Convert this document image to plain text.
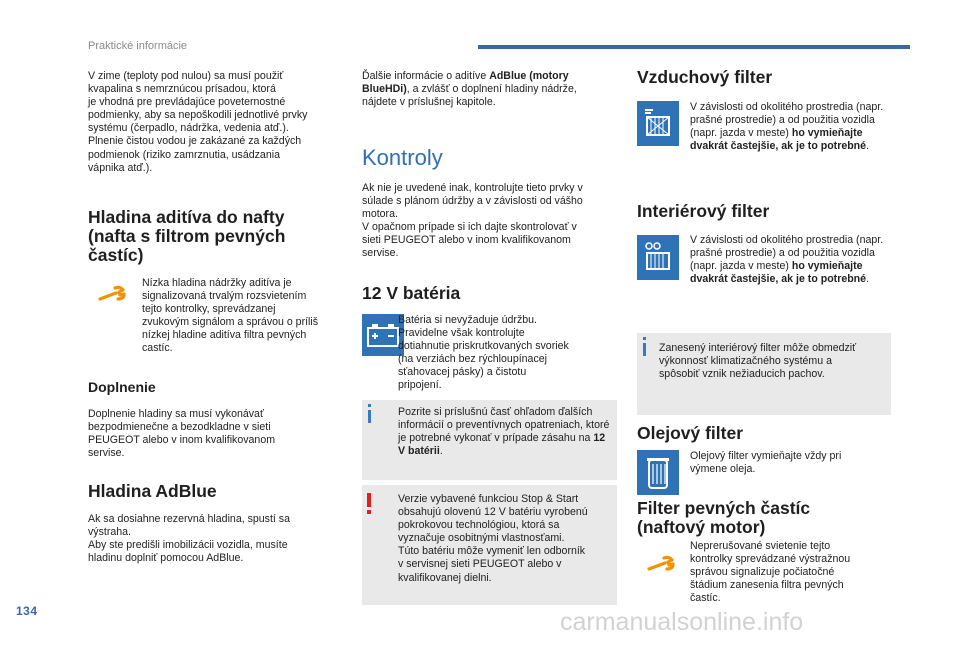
Praktické informácie
V zime (teploty pod nulou) sa musí použiť
kvapalina s nemrznúcou prísadou, ktorá
je vhodná pre prevládajúce poveternostné
podmienky, aby sa nepoškodili jednotlivé prvky
systému (čerpadlo, nádržka, vedenia atď.).
Plnenie čistou vodou je zakázané za každých
podmienok (riziko zamrznutia, usádzania
vápnika atď.).
Hladina aditíva do nafty
(nafta s filtrom pevných
častíc)
Nízka hladina nádržky aditíva je
signalizovaná trvalým rozsvietením
tejto kontrolky, sprevádzanej
zvukovým signálom a správou o príliš
nízkej hladine aditíva filtra pevných
castíc.
Doplnenie
Doplnenie hladiny sa musí vykonávať
bezpodmienečne a bezodkladne v sieti
PEUGEOT alebo v inom kvalifikovanom
servise.
Hladina AdBlue
Ak sa dosiahne rezervná hladina, spustí sa
výstraha.
Aby ste predišli imobilizácii vozidla, musíte
hladinu doplniť pomocou AdBlue.
Ďalšie informácie o aditíve AdBlue (motory BlueHDi), a zvlášť o doplnení hladiny nádrže, nájdete v príslušnej kapitole.
Kontroly
Ak nie je uvedené inak, kontrolujte tieto prvky v
súlade s plánom údržby a v závislosti od vášho
motora.
V opačnom prípade si ich dajte skontrolovať v
sieti PEUGEOT alebo v inom kvalifikovanom
servise.
12 V batéria
Batéria si nevyžaduje údržbu.
Pravidelne však kontrolujte
dotiahnutie priskrutkovaných svoriek
(na verziách bez rýchloupínacej
sťahovacej pásky) a čistotu
pripojení.
Pozrite si príslušnú časť ohľadom ďalších informácií o preventívnych opatreniach, ktoré je potrebné vykonať v prípade zásahu na 12 V batérii.
Verzie vybavené funkciou Stop & Start
obsahujú olovenú 12 V batériu vyrobenú
pokrokovou technológiou, ktorá sa
vyznačuje osobitnými vlastnosťami.
Túto batériu môže vymeniť len odborník
v servisnej sieti PEUGEOT alebo v
kvalifikovanej dielni.
Vzduchový filter
V závislosti od okolitého prostredia (napr. prašné prostredie) a od použitia vozidla (napr. jazda v meste) ho vymieňajte dvakrát častejšie, ak je to potrebné.
Interiérový filter
V závislosti od okolitého prostredia (napr. prašné prostredie) a od použitia vozidla (napr. jazda v meste) ho vymieňajte dvakrát častejšie, ak je to potrebné.
Zanesený interiérový filter môže obmedziť
výkonnosť klimatizačného systému a
spôsobiť vznik nežiaducich pachov.
Olejový filter
Olejový filter vymieňajte vždy pri
výmene oleja.
Filter pevných častíc
(naftový motor)
Neprerušované svietenie tejto
kontrolky sprevádzané výstražnou
správou signalizuje počiatočné
štádium zanesenia filtra pevných
častíc.
134	carmanualsonline.info
